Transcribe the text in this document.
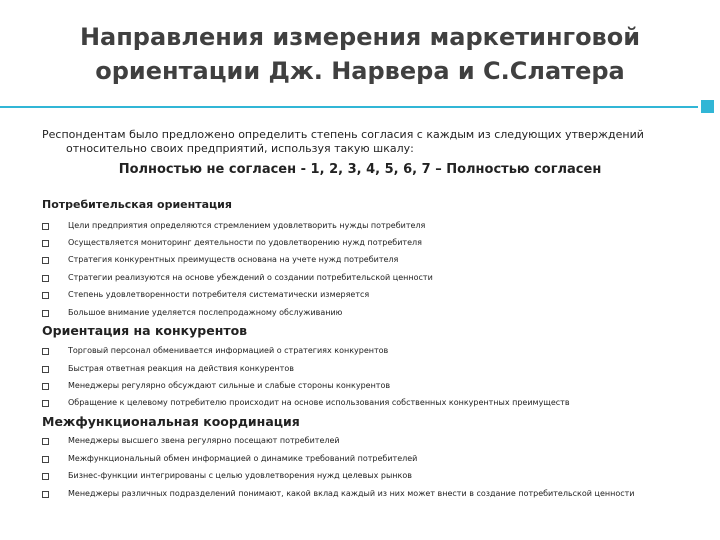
Направления измерения маркетинговой
ориентации Дж. Нарвера и С.Слатера
Респондентам было предложено определить степень согласия с каждым из следующих утверждений
относительно своих предприятий, используя такую шкалу:
Полностью не согласен - 1, 2, 3, 4, 5, 6, 7 – Полностью согласен
Потребительская ориентация
Цели предприятия определяются стремлением удовлетворить нужды потребителя
Осуществляется мониторинг деятельности по удовлетворению нужд потребителя
Стратегия конкурентных преимуществ основана на учете нужд потребителя
Стратегии реализуются на основе убеждений о создании потребительской ценности
Степень удовлетворенности потребителя систематически измеряется
Большое внимание уделяется послепродажному обслуживанию
Ориентация на конкурентов
Торговый персонал обменивается информацией о стратегиях конкурентов
Быстрая ответная реакция на действия конкурентов
Менеджеры регулярно обсуждают сильные и слабые стороны конкурентов
Обращение к целевому потребителю происходит на основе использования собственных конкурентных преимуществ
Межфункциональная координация
Менеджеры высшего звена регулярно посещают потребителей
Межфункциональный обмен информацией о динамике требований потребителей
Бизнес-функции интегрированы с целью удовлетворения нужд целевых рынков
Менеджеры различных подразделений понимают, какой вклад каждый из них может внести в создание потребительской ценности
